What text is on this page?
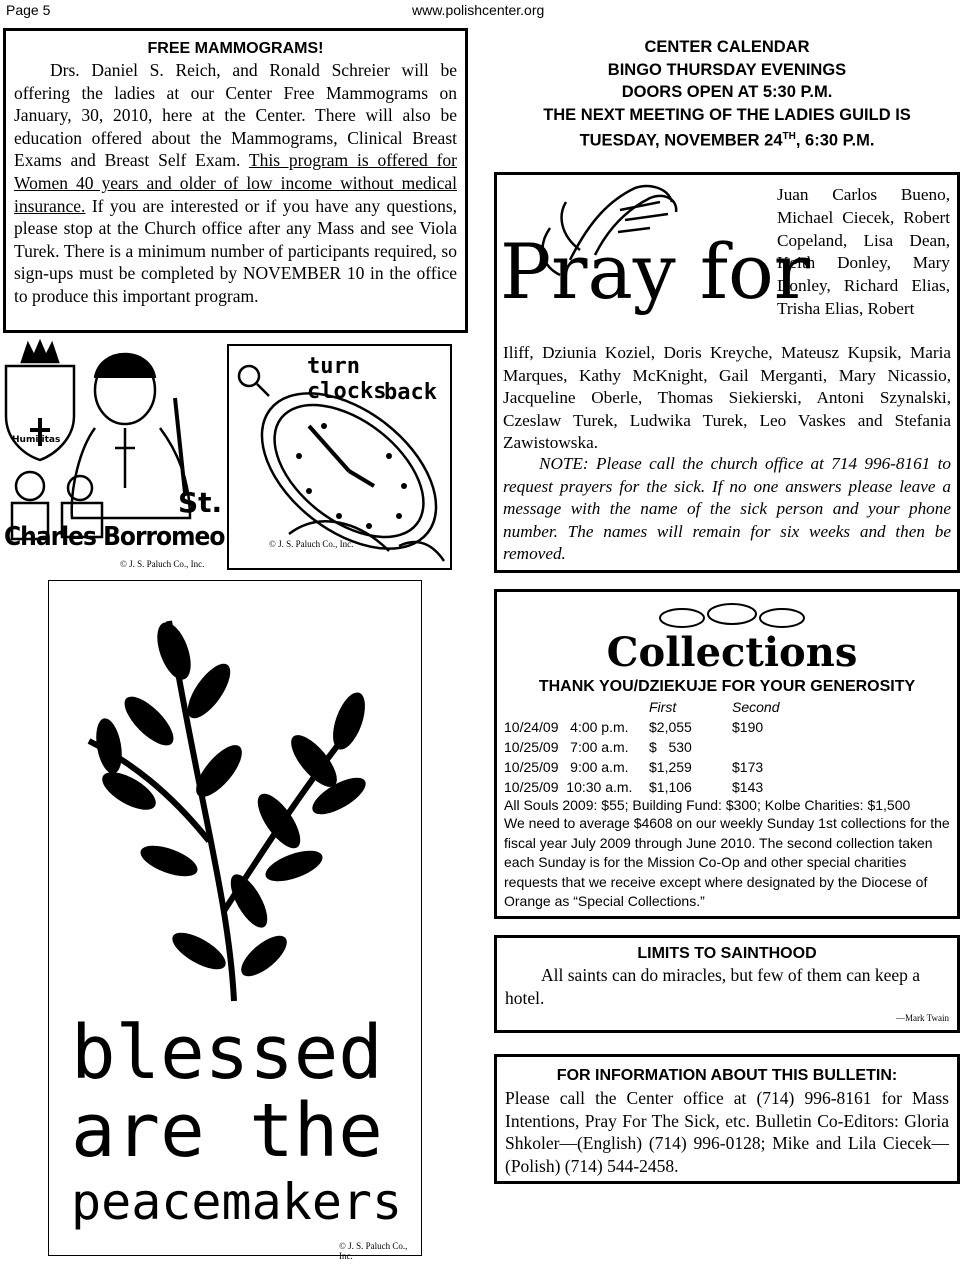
Page 5	www.polishcenter.org
FREE MAMMOGRAMS!
Drs. Daniel S. Reich, and Ronald Schreier will be offering the ladies at our Center Free Mammograms on January, 30, 2010, here at the Center. There will also be education offered about the Mammograms, Clinical Breast Exams and Breast Self Exam. This program is offered for Women 40 years and older of low income without medical insurance. If you are interested or if you have any questions, please stop at the Church office after any Mass and see Viola Turek. There is a minimum number of participants required, so sign-ups must be completed by NOVEMBER 10 in the office to produce this important program.
CENTER CALENDAR
BINGO THURSDAY EVENINGS
DOORS OPEN AT 5:30 P.M.
THE NEXT MEETING OF THE LADIES GUILD IS
TUESDAY, NOVEMBER 24TH, 6:30 P.M.
Pray for
Juan Carlos Bueno, Michael Ciecek, Robert Copeland, Lisa Dean, Keith Donley, Mary Donley, Richard Elias, Trisha Elias, Robert
Iliff, Dziunia Koziel, Doris Kreyche, Mateusz Kupsik, Maria Marques, Kathy McKnight, Gail Merganti, Mary Nicassio, Jacqueline Oberle, Thomas Siekierski, Antoni Szynalski, Czeslaw Turek, Ludwika Turek, Leo Vaskes and Stefania Zawistowska.
NOTE: Please call the church office at 714 996-8161 to request prayers for the sick. If no one answers please leave a message with the name of the sick person and your phone number. The names will remain for six weeks and then be removed.
St.
Humilitas
Charles Borromeo
© J. S. Paluch Co., Inc.
turn clocks
back
© J. S. Paluch Co., Inc.
blessed
are the
peacemakers
© J. S. Paluch Co., Inc.
Collections
THANK YOU/DZIEKUJE FOR YOUR GENEROSITY
	First	Second
10/24/09 4:00 p.m.	$2,055	$190
10/25/09 7:00 a.m.	$   530	
10/25/09 9:00 a.m.	$1,259	$173
10/25/09 10:30 a.m.	$1,106	$143
All Souls 2009: $55; Building Fund: $300; Kolbe Charities: $1,500
We need to average $4608 on our weekly Sunday 1st collections for the fiscal year July 2009 through June 2010. The second collection taken each Sunday is for the Mission Co-Op and other special charities requests that we receive except where designated by the Diocese of Orange as “Special Collections.”
LIMITS TO SAINTHOOD
All saints can do miracles, but few of them can keep a hotel.
—Mark Twain
FOR INFORMATION ABOUT THIS BULLETIN:
Please call the Center office at (714) 996-8161 for Mass Intentions, Pray For The Sick, etc. Bulletin Co-Editors: Gloria Shkoler—(English) (714) 996-0128; Mike and Lila Ciecek—(Polish) (714) 544-2458.
